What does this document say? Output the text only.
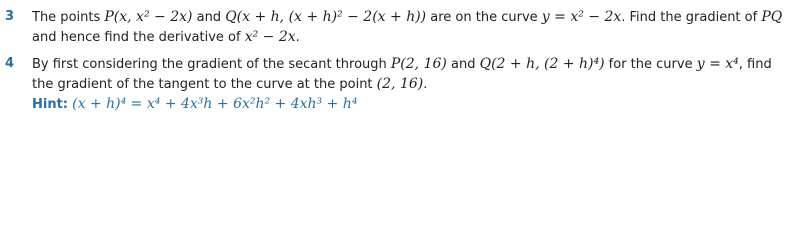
3 The points P(x, x² − 2x) and Q(x + h, (x + h)² − 2(x + h)) are on the curve y = x² − 2x. Find the gradient of PQ
and hence find the derivative of x² − 2x.
4 By first considering the gradient of the secant through P(2, 16) and Q(2 + h, (2 + h)⁴) for the curve y = x⁴, find
the gradient of the tangent to the curve at the point (2, 16).
Hint: (x + h)⁴ = x⁴ + 4x³h + 6x²h² + 4xh³ + h⁴
